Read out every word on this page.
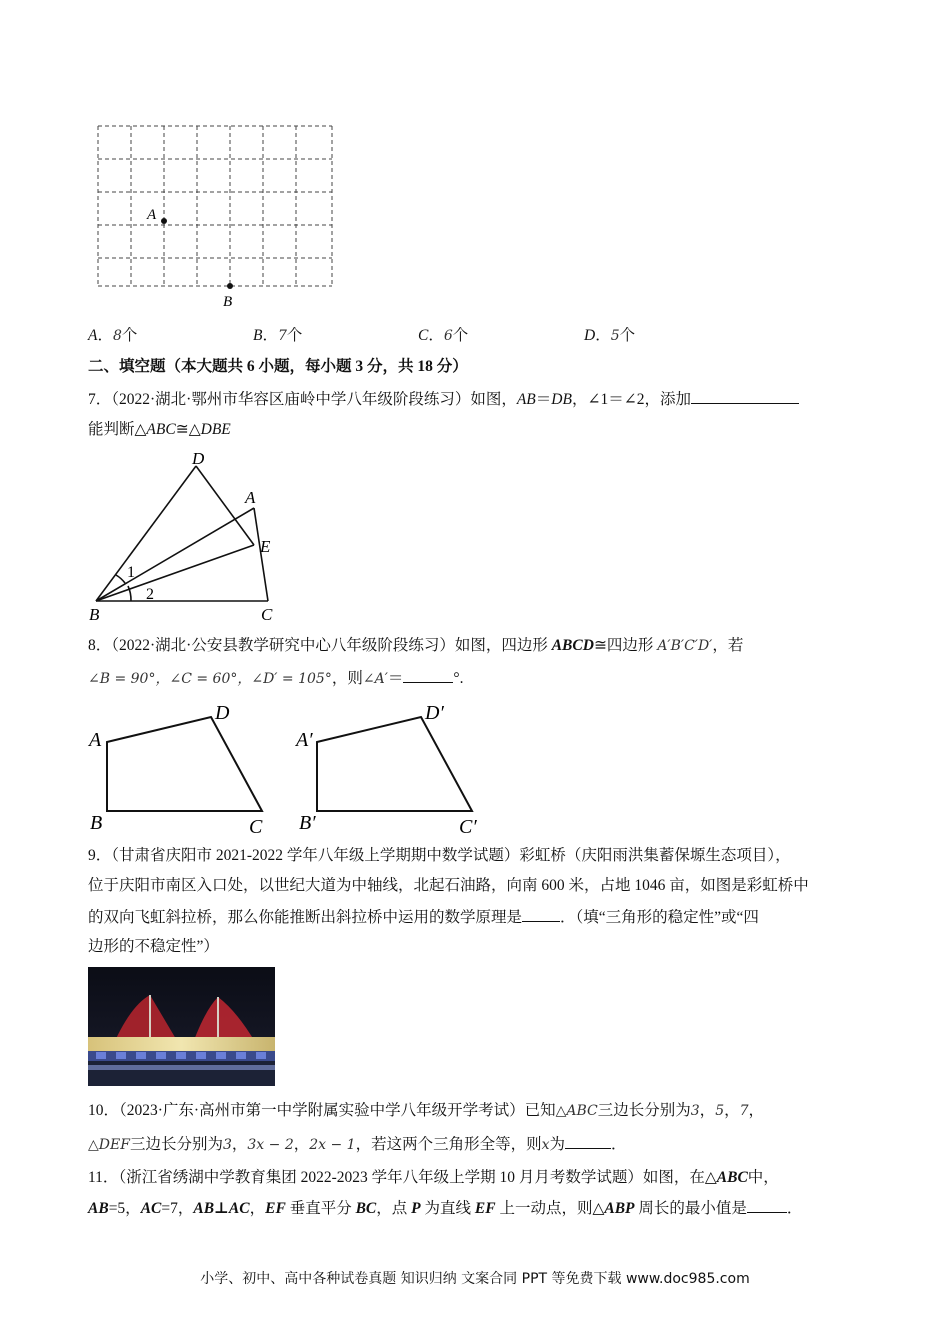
A
B
A．8个	B．7个	C．6个	D．5个
二、填空题（本大题共 6 小题，每小题 3 分，共 18 分）
7．（2022·湖北·鄂州市华容区庙岭中学八年级阶段练习）如图，AB＝DB，∠1＝∠2，添加
能判断△ABC≅△DBE
D
A
E
B	C
1
2
8．（2022·湖北·公安县教学研究中心八年级阶段练习）如图，四边形 ABCD≅四边形 A′B′C′D′，若
∠B = 90°，∠C = 60°，∠D′ = 105°，则∠A′＝	°.
A
D
B	C
A′
D′
B′	C′
9．（甘肃省庆阳市 2021-2022 学年八年级上学期期中数学试题）彩虹桥（庆阳雨洪集蓄保塬生态项目），
位于庆阳市南区入口处，以世纪大道为中轴线，北起石油路，向南 600 米，占地 1046 亩，如图是彩虹桥中
的双向飞虹斜拉桥，那么你能推断出斜拉桥中运用的数学原理是 ．（填“三角形的稳定性”或“四
边形的不稳定性”）
10．（2023·广东·高州市第一中学附属实验中学八年级开学考试）已知△ABC三边长分别为3，5，7，
△DEF三边长分别为3，3x − 2，2x − 1，若这两个三角形全等，则x为	．
11．（浙江省绣湖中学教育集团 2022-2023 学年八年级上学期 10 月月考数学试题）如图，在△ABC中，
AB=5，AC=7，AB⊥AC，EF 垂直平分 BC，点 P 为直线 EF 上一动点，则△ABP 周长的最小值是	．
小学、初中、高中各种试卷真题 知识归纳 文案合同 PPT 等免费下载 www.doc985.com
